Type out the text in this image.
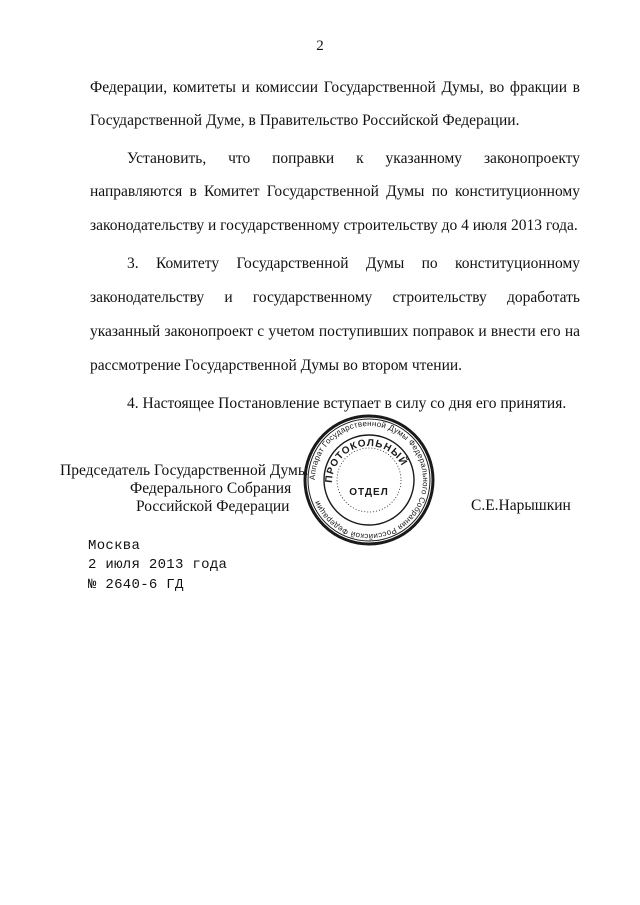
2
Федерации, комитеты и комиссии Государственной Думы, во фракции в
Государственной Думе, в Правительство Российской Федерации.
Установить, что поправки к указанному законопроекту
направляются в Комитет Государственной Думы по конституционному
законодательству и государственному строительству до 4 июля 2013 года.
3. Комитету Государственной Думы по конституционному
законодательству и государственному строительству доработать
указанный законопроект с учетом поступивших поправок и внести его на
рассмотрение Государственной Думы во втором чтении.
4. Настоящее Постановление вступает в силу со дня его принятия.
Председатель Государственной Думы
Федерального Собрания
Российской Федерации	С.Е.Нарышкин
Аппарат Государственной Думы Федерального Собрания Российской Федерации
ПРОТОКОЛЬНЫЙ
ОТДЕЛ
Москва
2 июля 2013 года
№ 2640-6 ГД
